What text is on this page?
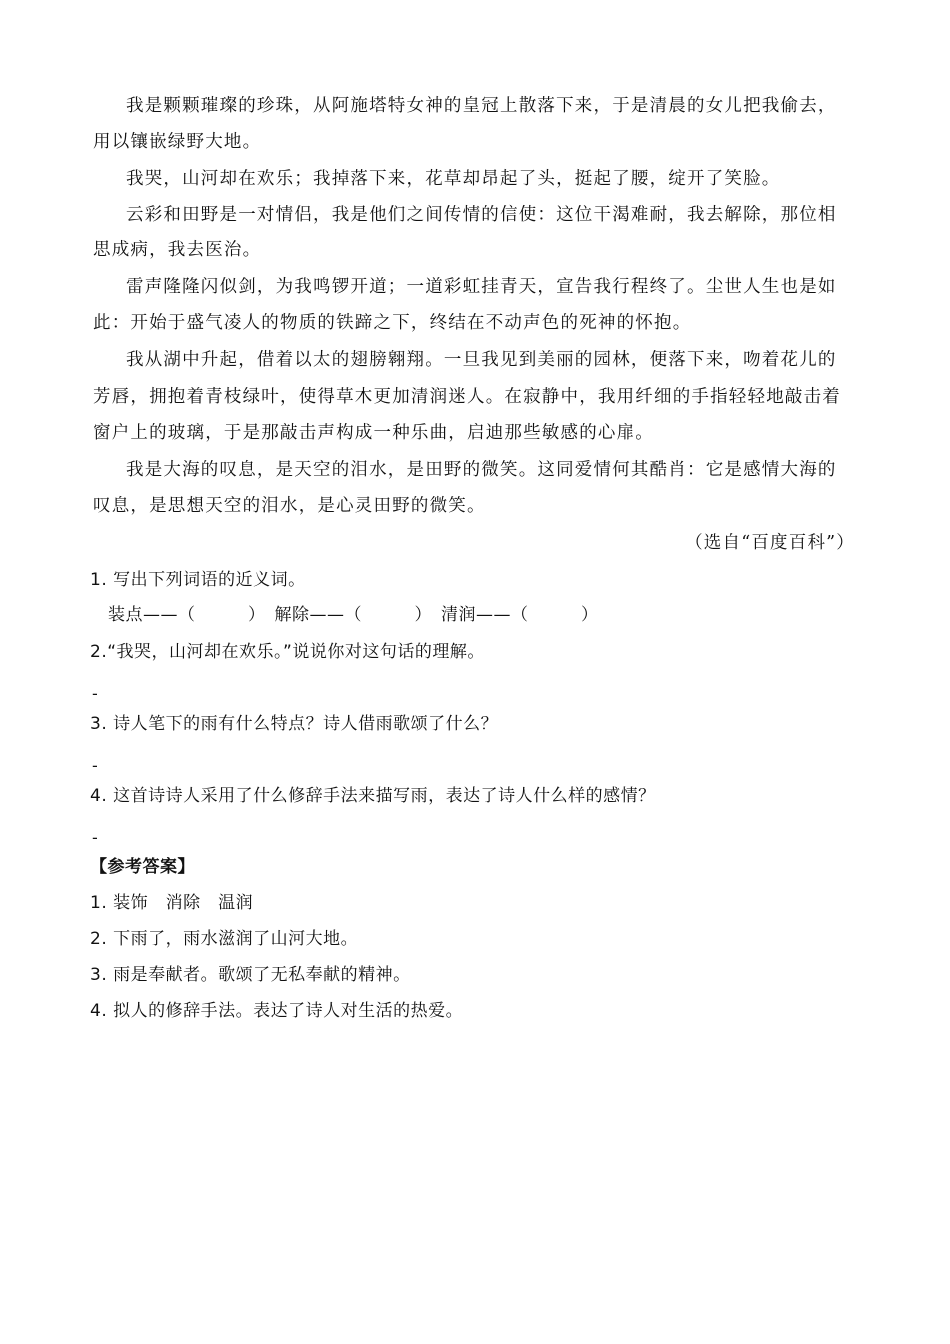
我是颗颗璀璨的珍珠，从阿施塔特女神的皇冠上散落下来，于是清晨的女儿把我偷去，
用以镶嵌绿野大地。
我哭，山河却在欢乐；我掉落下来，花草却昂起了头，挺起了腰，绽开了笑脸。
云彩和田野是一对情侣，我是他们之间传情的信使：这位干渴难耐，我去解除，那位相
思成病，我去医治。
雷声隆隆闪似剑，为我鸣锣开道；一道彩虹挂青天，宣告我行程终了。尘世人生也是如
此：开始于盛气凌人的物质的铁蹄之下，终结在不动声色的死神的怀抱。
我从湖中升起，借着以太的翅膀翱翔。一旦我见到美丽的园林，便落下来，吻着花儿的
芳唇，拥抱着青枝绿叶，使得草木更加清润迷人。在寂静中，我用纤细的手指轻轻地敲击着
窗户上的玻璃，于是那敲击声构成一种乐曲，启迪那些敏感的心扉。
我是大海的叹息，是天空的泪水，是田野的微笑。这同爱情何其酷肖：它是感情大海的
叹息，是思想天空的泪水，是心灵田野的微笑。
（选自“百度百科”）
1. 写出下列词语的近义词。
装点——（　　　）　解除——（　　　）　清润——（　　　）
2.“我哭，山河却在欢乐。”说说你对这句话的理解。
-
3. 诗人笔下的雨有什么特点？诗人借雨歌颂了什么？
-
4. 这首诗诗人采用了什么修辞手法来描写雨，表达了诗人什么样的感情？
-
【参考答案】
1. 装饰　消除　温润
2. 下雨了，雨水滋润了山河大地。
3. 雨是奉献者。歌颂了无私奉献的精神。
4. 拟人的修辞手法。表达了诗人对生活的热爱。
